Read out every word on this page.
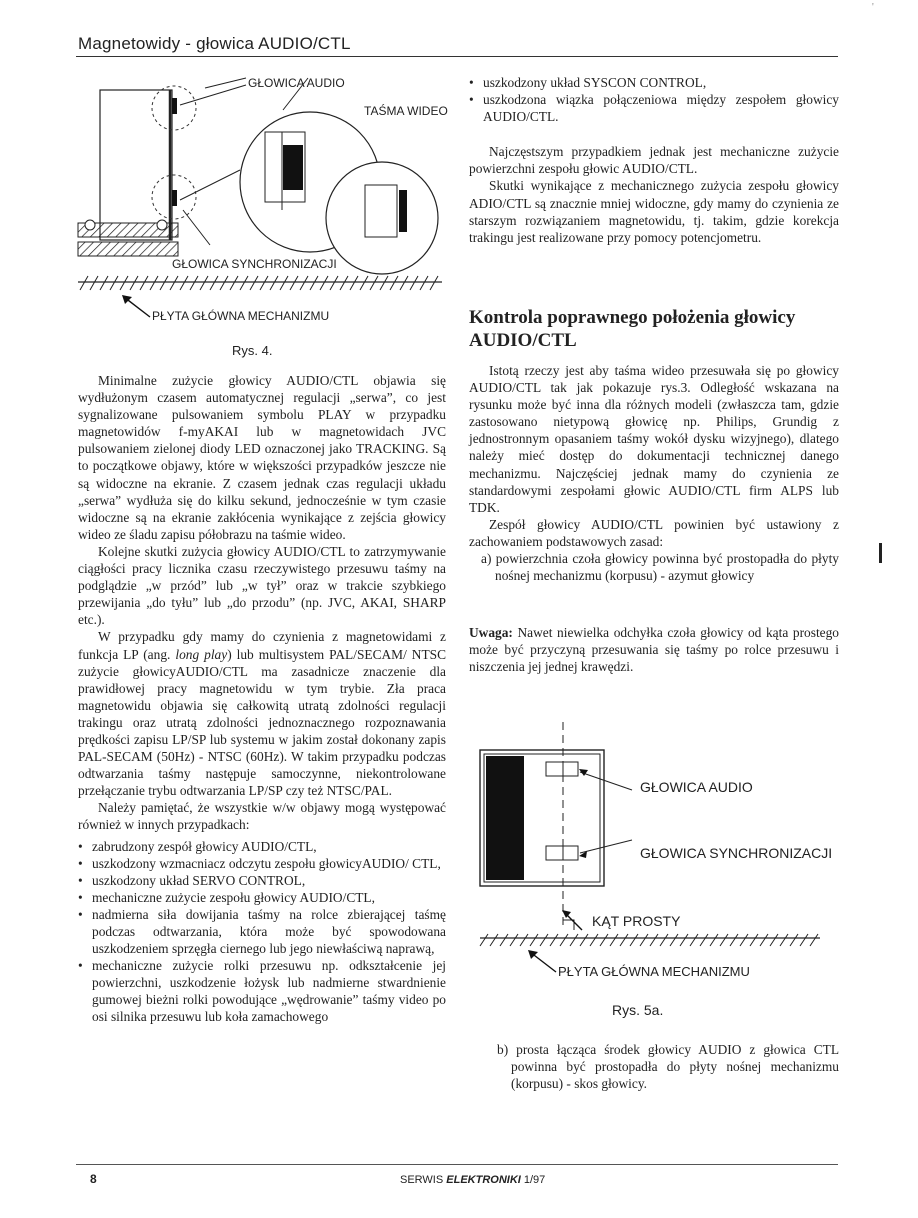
'
Magnetowidy - głowica AUDIO/CTL
GŁOWICA AUDIO
TAŚMA WIDEO
GŁOWICA SYNCHRONIZACJI
PŁYTA GŁÓWNA MECHANIZMU
Rys. 4.

Minimalne zużycie głowicy AUDIO/CTL objawia się wydłużonym czasem automatycznej regulacji „serwa”, co jest sygnalizowane pulsowaniem symbolu PLAY w przypadku magnetowidów f-myAKAI lub w magnetowidach JVC pulsowaniem zielonej diody LED oznaczonej jako TRACKING. Są to początkowe objawy, które w większości przypadków jeszcze nie są widoczne na ekranie. Z czasem jednak czas regulacji układu „serwa” wydłuża się do kilku sekund, jednocześnie w tym czasie widoczne są na ekranie zakłócenia wynikające z zejścia głowicy wideo ze śladu zapisu półobrazu na taśmie wideo.

Kolejne skutki zużycia głowicy AUDIO/CTL to zatrzymywanie ciągłości pracy licznika czasu rzeczywistego przesuwu taśmy na podglądzie „w przód” lub „w tył” oraz w trakcie szybkiego przewijania „do tyłu” lub „do przodu” (np. JVC, AKAI, SHARP etc.).

W przypadku gdy mamy do czynienia z magnetowidami z funkcja LP (ang. long play) lub multisystem PAL/SECAM/ NTSC zużycie głowicyAUDIO/CTL ma zasadnicze znaczenie dla prawidłowej pracy magnetowidu w tym trybie. Zła praca magnetowidu objawia się całkowitą utratą zdolności regulacji trakingu oraz utratą zdolności jednoznacznego rozpoznawania prędkości zapisu LP/SP lub systemu w jakim został dokonany zapis PAL-SECAM (50Hz) - NTSC (60Hz). W takim przypadku podczas odtwarzania taśmy następuje samoczynne, niekontrolowane przełączanie trybu odtwarzania LP/SP czy też NTSC/PAL.

Należy pamiętać, że wszystkie w/w objawy mogą występować również w innych przypadkach:

• zabrudzony zespół głowicy AUDIO/CTL,
• uszkodzony wzmacniacz odczytu zespołu głowicyAUDIO/ CTL,
• uszkodzony układ SERVO CONTROL,
• mechaniczne zużycie zespołu głowicy AUDIO/CTL,
• nadmierna siła dowijania taśmy na rolce zbierającej taśmę podczas odtwarzania, która może być spowodowana uszkodzeniem sprzęgła ciernego lub jego niewłaściwą naprawą,
• mechaniczne zużycie rolki przesuwu np. odkształcenie jej powierzchni, uszkodzenie łożysk lub nadmierne stwardnienie gumowej bieżni rolki powodujące „wędrowanie” taśmy video po osi silnika przesuwu lub koła zamachowego
• uszkodzony układ SYSCON CONTROL,
• uszkodzona wiązka połączeniowa między zespołem głowicy AUDIO/CTL.

Najczęstszym przypadkiem jednak jest mechaniczne zużycie powierzchni zespołu głowic AUDIO/CTL.

Skutki wynikające z mechanicznego zużycia zespołu głowicy ADIO/CTL są znacznie mniej widoczne, gdy mamy do czynienia ze starszym rozwiązaniem magnetowidu, tj. takim, gdzie korekcja trakingu jest realizowane przy pomocy potencjometru.

Kontrola poprawnego położenia głowicy AUDIO/CTL

Istotą rzeczy jest aby taśma wideo przesuwała się po głowicy AUDIO/CTL tak jak pokazuje rys.3. Odległość wskazana na rysunku może być inna dla różnych modeli (zwłaszcza tam, gdzie zastosowano nietypową głowicę np. Philips, Grundig z jednostronnym opasaniem taśmy wokół dysku wizyjnego), dlatego należy mieć dostęp do dokumentacji technicznej danego mechanizmu. Najczęściej jednak mamy do czynienia ze standardowymi zespołami głowic AUDIO/CTL firm ALPS lub TDK.

Zespół głowicy AUDIO/CTL powinien być ustawiony z zachowaniem podstawowych zasad:

a) powierzchnia czoła głowicy powinna być prostopadła do płyty nośnej mechanizmu (korpusu) - azymut głowicy

Uwaga: Nawet niewielka odchyłka czoła głowicy od kąta prostego może być przyczyną przesuwania się taśmy po rolce przesuwu i niszczenia jej jednej krawędzi.

GŁOWICA AUDIO
GŁOWICA SYNCHRONIZACJI
KĄT PROSTY
PŁYTA GŁÓWNA MECHANIZMU
Rys. 5a.

b) prosta łącząca środek głowicy AUDIO z głowica CTL powinna być prostopadła do płyty nośnej mechanizmu (korpusu) - skos głowicy.

8	SERWIS ELEKTRONIKI 1/97
